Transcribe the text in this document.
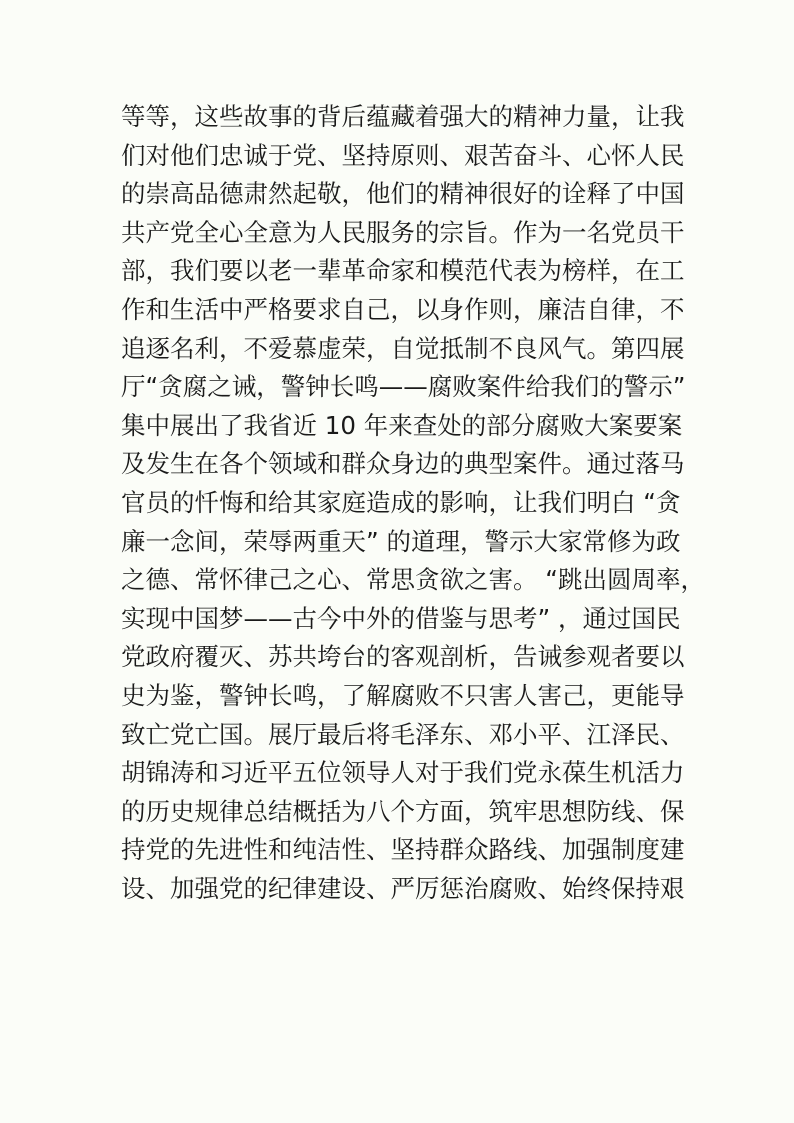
等等，这些故事的背后蕴藏着强大的精神力量，让我
们对他们忠诚于党、坚持原则、艰苦奋斗、心怀人民
的崇高品德肃然起敬，他们的精神很好的诠释了中国
共产党全心全意为人民服务的宗旨。作为一名党员干
部，我们要以老一辈革命家和模范代表为榜样，在工
作和生活中严格要求自己，以身作则，廉洁自律，不
追逐名利，不爱慕虚荣，自觉抵制不良风气。第四展
厅“贪腐之诫，警钟长鸣——腐败案件给我们的警示”
集中展出了我省近 10 年来查处的部分腐败大案要案
及发生在各个领域和群众身边的典型案件。通过落马
官员的忏悔和给其家庭造成的影响，让我们明白 “贪
廉一念间，荣辱两重天” 的道理，警示大家常修为政
之德、常怀律己之心、常思贪欲之害。 “跳出圆周率，
实现中国梦——古今中外的借鉴与思考” ，通过国民
党政府覆灭、苏共垮台的客观剖析，告诫参观者要以
史为鉴，警钟长鸣，了解腐败不只害人害己，更能导
致亡党亡国。展厅最后将毛泽东、邓小平、江泽民、
胡锦涛和习近平五位领导人对于我们党永葆生机活力
的历史规律总结概括为八个方面，筑牢思想防线、保
持党的先进性和纯洁性、坚持群众路线、加强制度建
设、加强党的纪律建设、严厉惩治腐败、始终保持艰
